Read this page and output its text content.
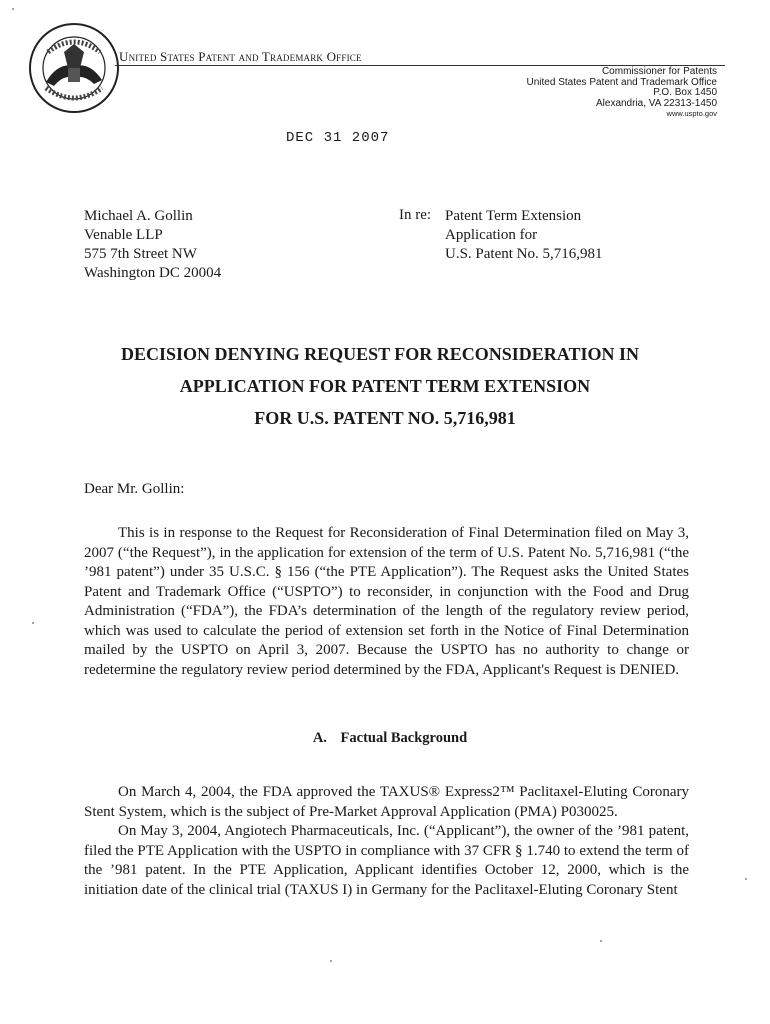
United States Patent and Trademark Office
Commissioner for Patents
United States Patent and Trademark Office
P.O. Box 1450
Alexandria, VA 22313-1450
www.uspto.gov
DEC 31 2007
Michael A. Gollin
Venable LLP
575 7th Street NW
Washington DC 20004
In re: Patent Term Extension
Application for
U.S. Patent No. 5,716,981
DECISION DENYING REQUEST FOR RECONSIDERATION IN
APPLICATION FOR PATENT TERM EXTENSION
FOR U.S. PATENT NO. 5,716,981
Dear Mr. Gollin:
This is in response to the Request for Reconsideration of Final Determination filed on May 3, 2007 (“the Request”), in the application for extension of the term of U.S. Patent No. 5,716,981 (“the ’981 patent”) under 35 U.S.C. § 156 (“the PTE Application”). The Request asks the United States Patent and Trademark Office (“USPTO”) to reconsider, in conjunction with the Food and Drug Administration (“FDA”), the FDA’s determination of the length of the regulatory review period, which was used to calculate the period of extension set forth in the Notice of Final Determination mailed by the USPTO on April 3, 2007. Because the USPTO has no authority to change or redetermine the regulatory review period determined by the FDA, Applicant's Request is DENIED.
A. Factual Background
On March 4, 2004, the FDA approved the TAXUS® Express2™ Paclitaxel-Eluting Coronary Stent System, which is the subject of Pre-Market Approval Application (PMA) P030025.
On May 3, 2004, Angiotech Pharmaceuticals, Inc. (“Applicant”), the owner of the ’981 patent, filed the PTE Application with the USPTO in compliance with 37 CFR § 1.740 to extend the term of the ’981 patent. In the PTE Application, Applicant identifies October 12, 2000, which is the initiation date of the clinical trial (TAXUS I) in Germany for the Paclitaxel-Eluting Coronary Stent
